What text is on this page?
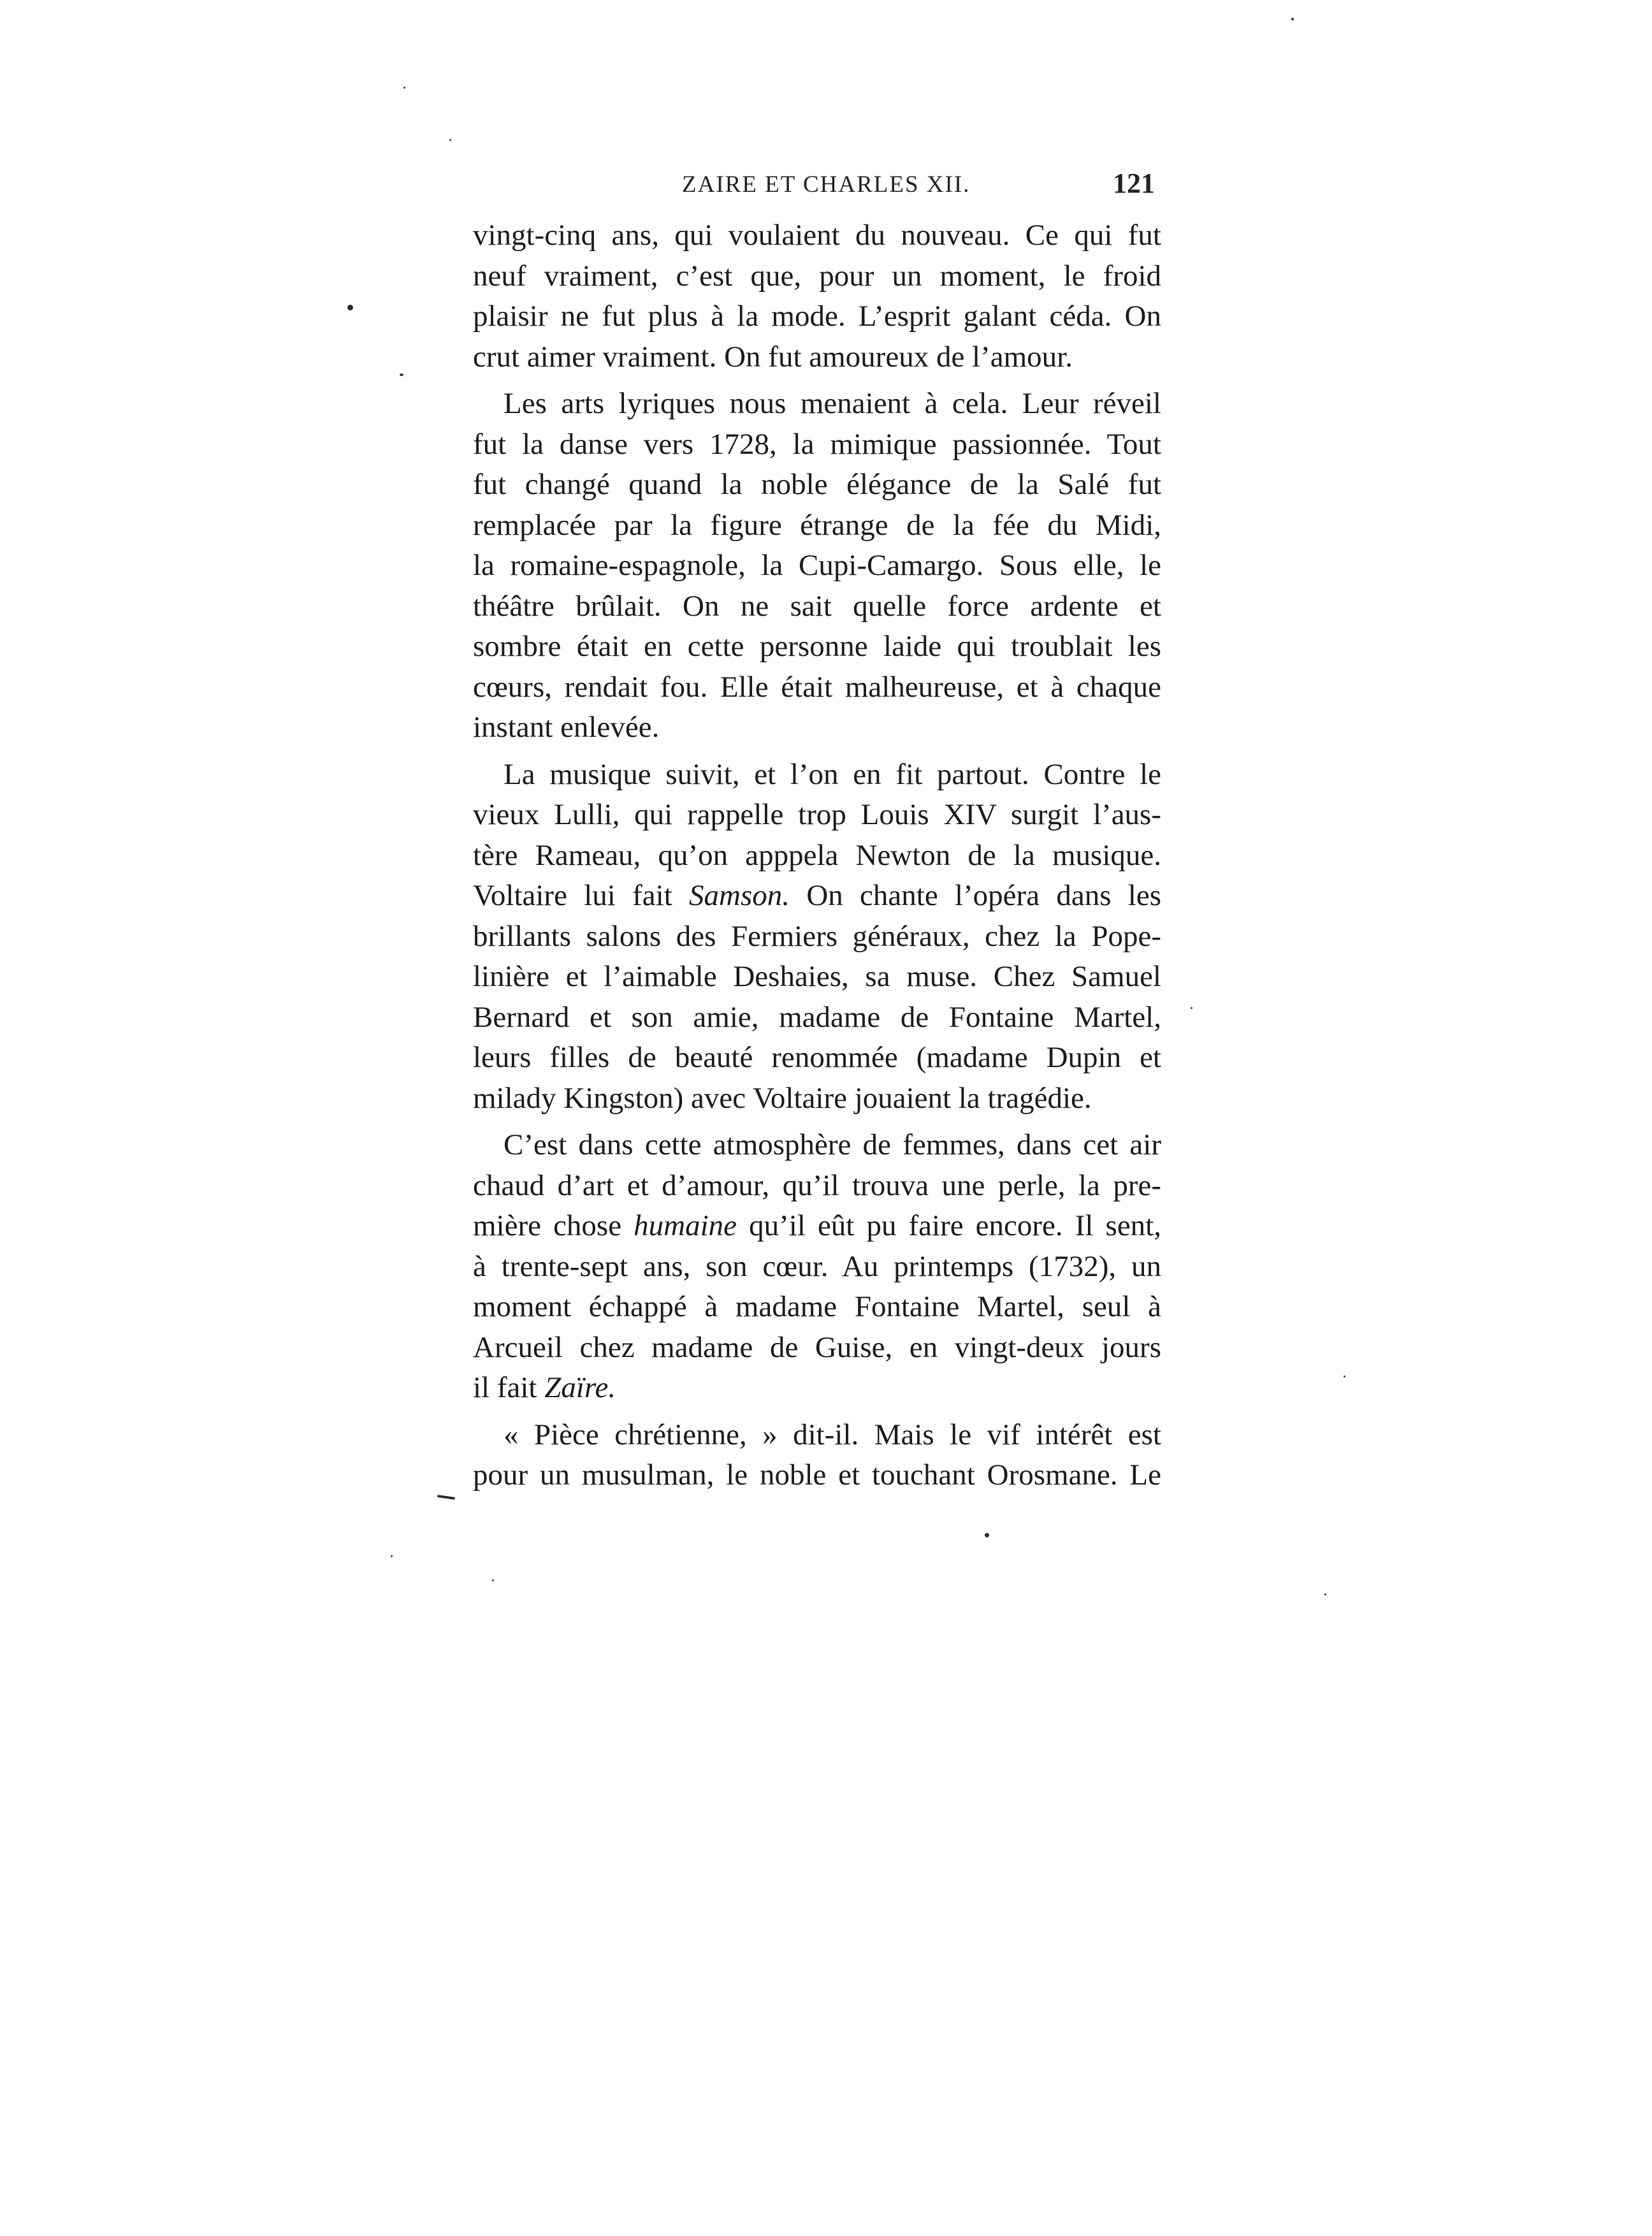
ZAIRE ET CHARLES XII.	121

vingt-cinq ans, qui voulaient du nouveau. Ce qui fut
neuf vraiment, c’est que, pour un moment, le froid
plaisir ne fut plus à la mode. L’esprit galant céda. On
crut aimer vraiment. On fut amoureux de l’amour.

Les arts lyriques nous menaient à cela. Leur réveil
fut la danse vers 1728, la mimique passionnée. Tout
fut changé quand la noble élégance de la Salé fut
remplacée par la figure étrange de la fée du Midi,
la romaine-espagnole, la Cupi-Camargo. Sous elle, le
théâtre brûlait. On ne sait quelle force ardente et
sombre était en cette personne laide qui troublait les
cœurs, rendait fou. Elle était malheureuse, et à chaque
instant enlevée.

La musique suivit, et l’on en fit partout. Contre le
vieux Lulli, qui rappelle trop Louis XIV surgit l’aus-
tère Rameau, qu’on apppela Newton de la musique.
Voltaire lui fait Samson. On chante l’opéra dans les
brillants salons des Fermiers généraux, chez la Pope-
linière et l’aimable Deshaies, sa muse. Chez Samuel
Bernard et son amie, madame de Fontaine Martel,
leurs filles de beauté renommée (madame Dupin et
milady Kingston) avec Voltaire jouaient la tragédie.

C’est dans cette atmosphère de femmes, dans cet air
chaud d’art et d’amour, qu’il trouva une perle, la pre-
mière chose humaine qu’il eût pu faire encore. Il sent,
à trente-sept ans, son cœur. Au printemps (1732), un
moment échappé à madame Fontaine Martel, seul à
Arcueil chez madame de Guise, en vingt-deux jours
il fait Zaïre.

« Pièce chrétienne, » dit-il. Mais le vif intérêt est
pour un musulman, le noble et touchant Orosmane. Le
